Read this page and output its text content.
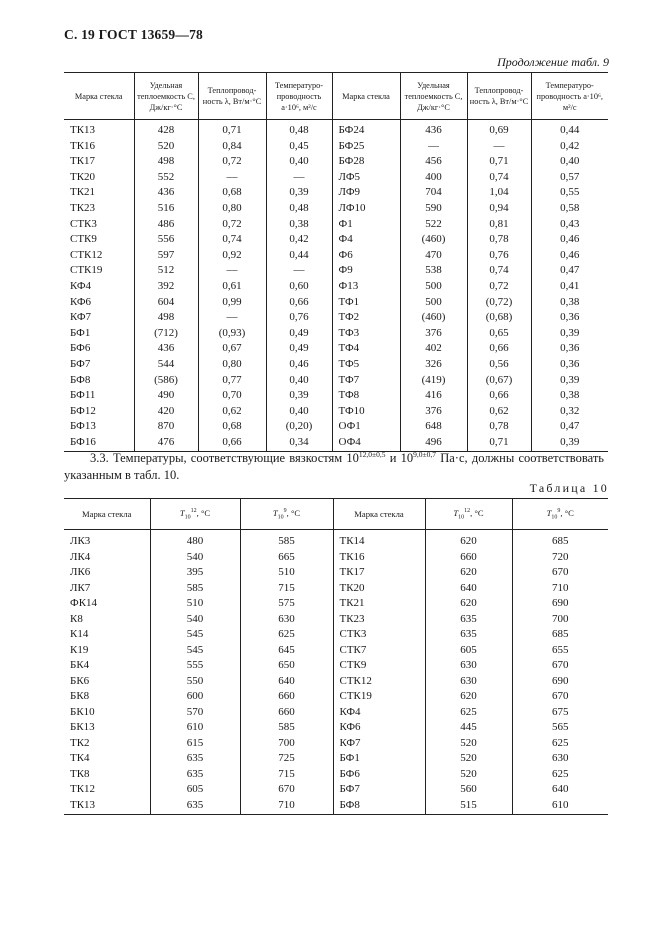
С. 19 ГОСТ 13659—78
Продолжение табл. 9
Марка стекла	Удельная теплоемкость С, Дж/кг·°С	Теплопровод-ность λ, Вт/м·°С	Температуро-проводность a·10⁶, м²/с	Марка стекла	Удельная теплоемкость С, Дж/кг·°С	Теплопровод-ность λ, Вт/м·°С	Температуро-проводность a·10⁶, м²/с
ТК13	428	0,71	0,48	БФ24	436	0,69	0,44
ТК16	520	0,84	0,45	БФ25	—	—	0,42
ТК17	498	0,72	0,40	БФ28	456	0,71	0,40
ТК20	552	—	—	ЛФ5	400	0,74	0,57
ТК21	436	0,68	0,39	ЛФ9	704	1,04	0,55
ТК23	516	0,80	0,48	ЛФ10	590	0,94	0,58
СТК3	486	0,72	0,38	Ф1	522	0,81	0,43
СТК9	556	0,74	0,42	Ф4	(460)	0,78	0,46
СТК12	597	0,92	0,44	Ф6	470	0,76	0,46
СТК19	512	—	—	Ф9	538	0,74	0,47
КФ4	392	0,61	0,60	Ф13	500	0,72	0,41
КФ6	604	0,99	0,66	ТФ1	500	(0,72)	0,38
КФ7	498	—	0,76	ТФ2	(460)	(0,68)	0,36
БФ1	(712)	(0,93)	0,49	ТФ3	376	0,65	0,39
БФ6	436	0,67	0,49	ТФ4	402	0,66	0,36
БФ7	544	0,80	0,46	ТФ5	326	0,56	0,36
БФ8	(586)	0,77	0,40	ТФ7	(419)	(0,67)	0,39
БФ11	490	0,70	0,39	ТФ8	416	0,66	0,38
БФ12	420	0,62	0,40	ТФ10	376	0,62	0,32
БФ13	870	0,68	(0,20)	ОФ1	648	0,78	0,47
БФ16	476	0,66	0,34	ОФ4	496	0,71	0,39
3.3. Температуры, соответствующие вязкостям $10^{12,0\pm 0,5}$ и $10^{9,0\pm 0,7}$ Па·с, должны соответствовать указанным в табл. 10.
Таблица 10
Марка стекла	$T_{10}^{12}$, °С	$T_{10}^9$, °С	Марка стекла	$T_{10}^{12}$, °С	$T_{10}^9$, °С
ЛК3	480	585	ТК14	620	685
ЛК4	540	665	ТК16	660	720
ЛК6	395	510	ТК17	620	670
ЛК7	585	715	ТК20	640	710
ФК14	510	575	ТК21	620	690
К8	540	630	ТК23	635	700
К14	545	625	СТК3	635	685
К19	545	645	СТК7	605	655
БК4	555	650	СТК9	630	670
БК6	550	640	СТК12	630	690
БК8	600	660	СТК19	620	670
БК10	570	660	КФ4	625	675
БК13	610	585	КФ6	445	565
ТК2	615	700	КФ7	520	625
ТК4	635	725	БФ1	520	630
ТК8	635	715	БФ6	520	625
ТК12	605	670	БФ7	560	640
ТК13	635	710	БФ8	515	610
